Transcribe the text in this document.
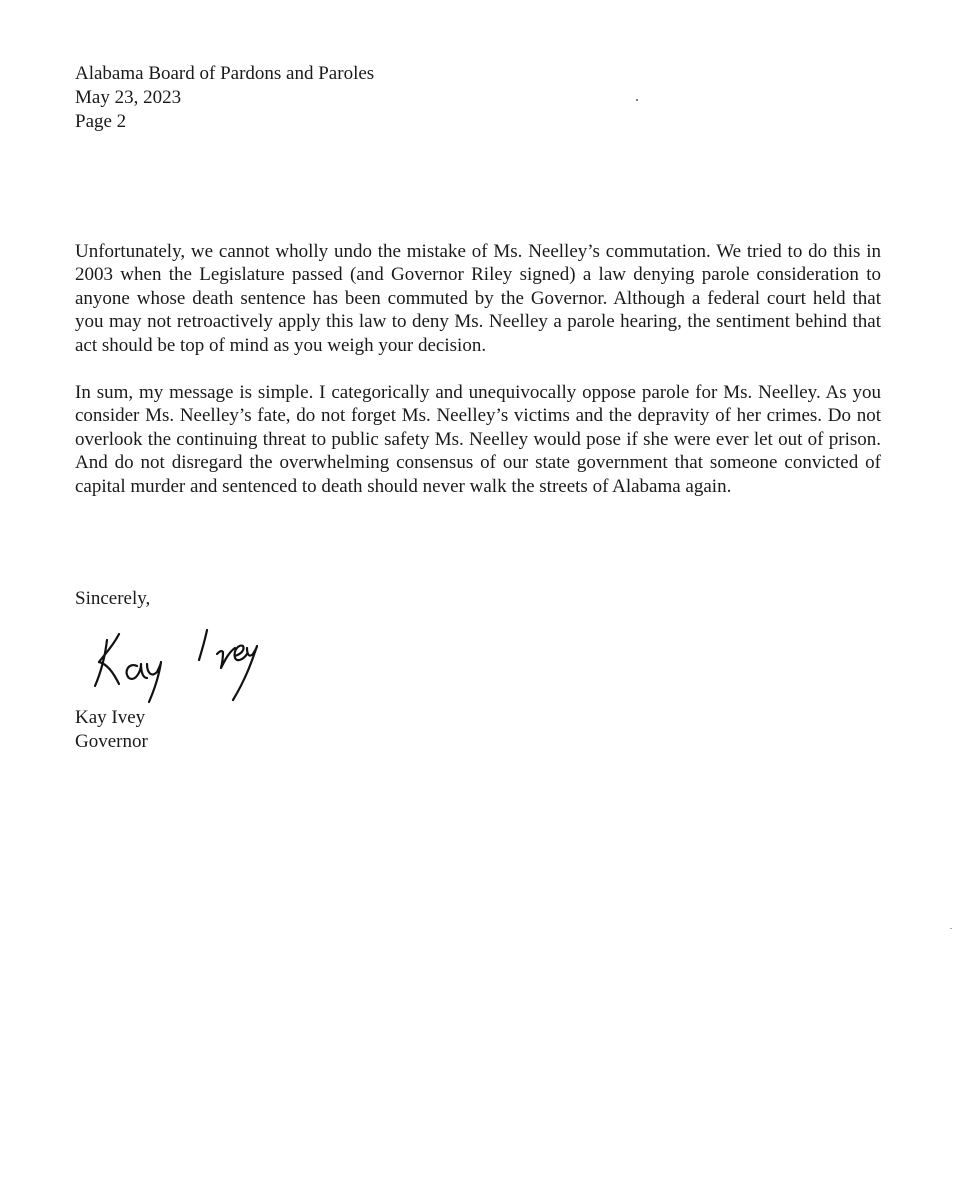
Alabama Board of Pardons and Paroles
May 23, 2023
Page 2

Unfortunately, we cannot wholly undo the mistake of Ms. Neelley’s commutation. We tried to do this in 2003 when the Legislature passed (and Governor Riley signed) a law denying parole consideration to anyone whose death sentence has been commuted by the Governor. Although a federal court held that you may not retroactively apply this law to deny Ms. Neelley a parole hearing, the sentiment behind that act should be top of mind as you weigh your decision.

In sum, my message is simple. I categorically and unequivocally oppose parole for Ms. Neelley. As you consider Ms. Neelley’s fate, do not forget Ms. Neelley’s victims and the depravity of her crimes. Do not overlook the continuing threat to public safety Ms. Neelley would pose if she were ever let out of prison. And do not disregard the overwhelming consensus of our state government that someone convicted of capital murder and sentenced to death should never walk the streets of Alabama again.

Sincerely,
Kay Ivey
Governor
